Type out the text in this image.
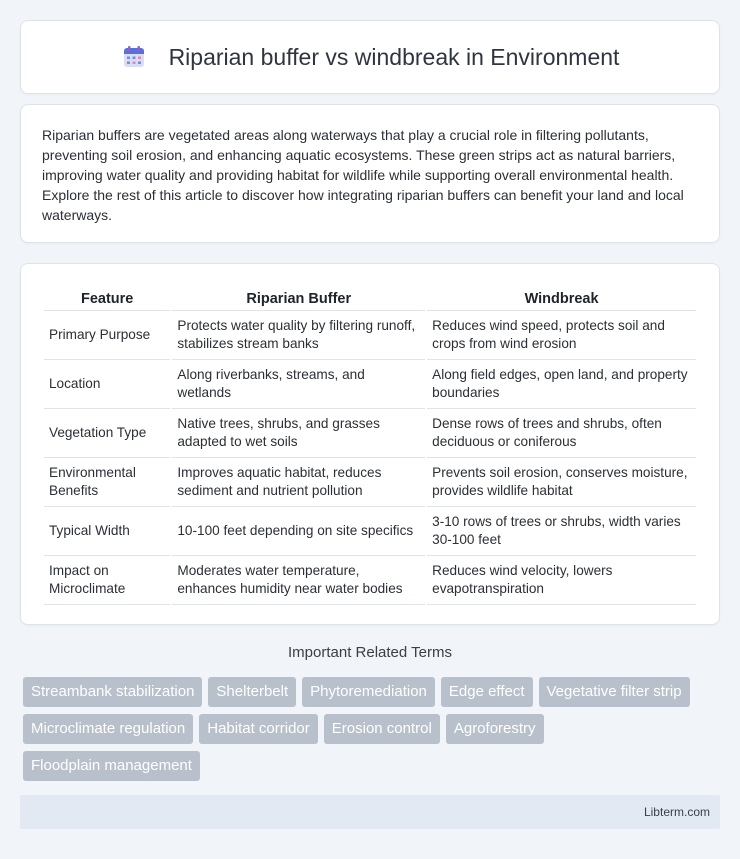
Riparian buffer vs windbreak in Environment

Riparian buffers are vegetated areas along waterways that play a crucial role in filtering pollutants, preventing soil erosion, and enhancing aquatic ecosystems. These green strips act as natural barriers, improving water quality and providing habitat for wildlife while supporting overall environmental health. Explore the rest of this article to discover how integrating riparian buffers can benefit your land and local waterways.

Feature	Riparian Buffer	Windbreak
Primary Purpose	Protects water quality by filtering runoff, stabilizes stream banks	Reduces wind speed, protects soil and crops from wind erosion
Location	Along riverbanks, streams, and wetlands	Along field edges, open land, and property boundaries
Vegetation Type	Native trees, shrubs, and grasses adapted to wet soils	Dense rows of trees and shrubs, often deciduous or coniferous
Environmental Benefits	Improves aquatic habitat, reduces sediment and nutrient pollution	Prevents soil erosion, conserves moisture, provides wildlife habitat
Typical Width	10-100 feet depending on site specifics	3-10 rows of trees or shrubs, width varies 30-100 feet
Impact on Microclimate	Moderates water temperature, enhances humidity near water bodies	Reduces wind velocity, lowers evapotranspiration
Important Related Terms
Streambank stabilization	Shelterbelt	Phytoremediation	Edge effect	Vegetative filter strip
Microclimate regulation	Habitat corridor	Erosion control	Agroforestry
Floodplain management
Libterm.com
